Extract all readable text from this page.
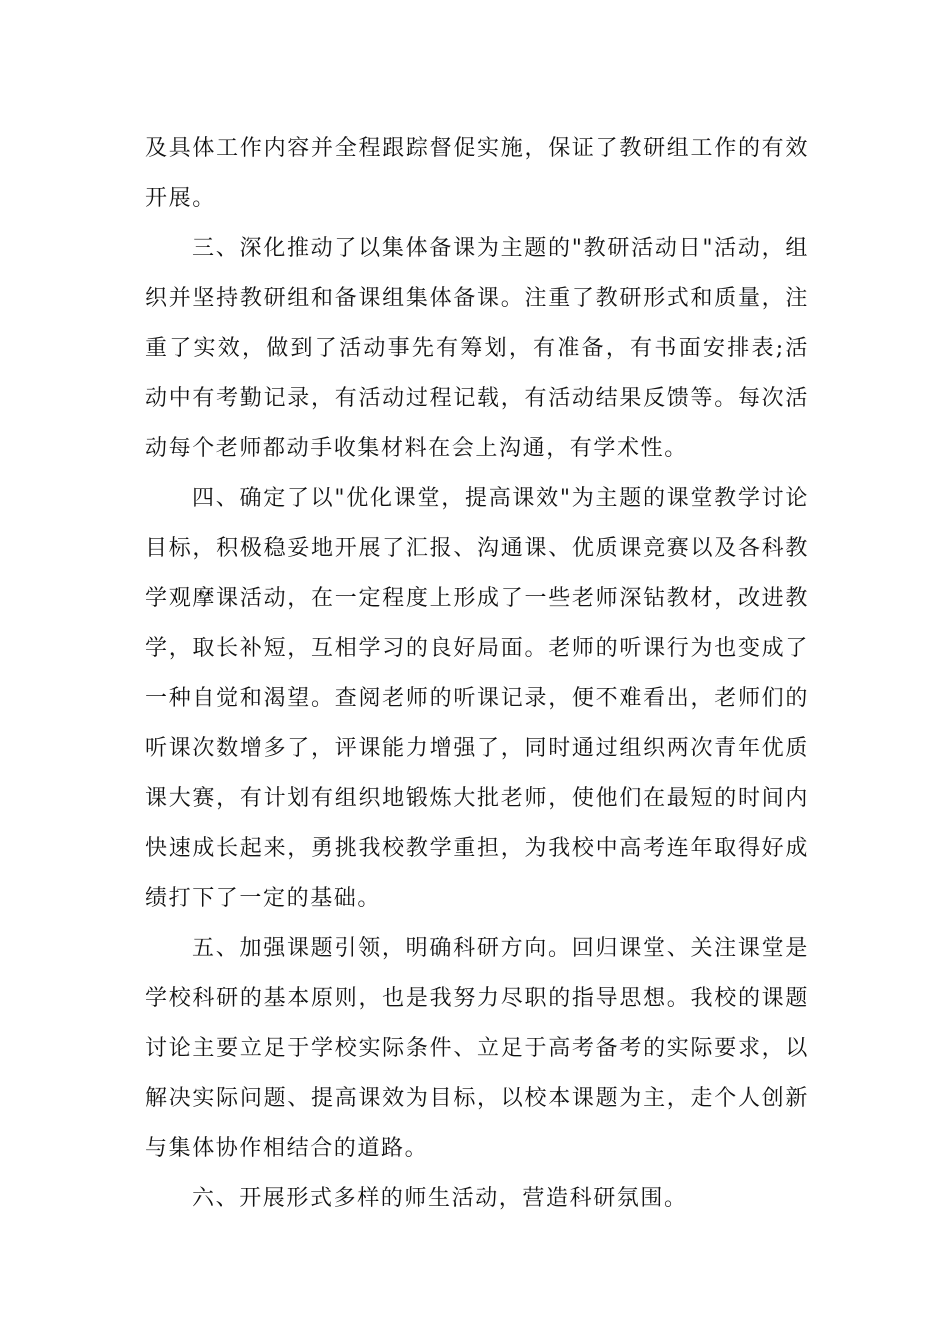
及具体工作内容并全程跟踪督促实施，保证了教研组工作的有效开展。

三、深化推动了以集体备课为主题的"教研活动日"活动，组织并坚持教研组和备课组集体备课。注重了教研形式和质量，注重了实效，做到了活动事先有筹划，有准备，有书面安排表;活动中有考勤记录，有活动过程记载，有活动结果反馈等。每次活动每个老师都动手收集材料在会上沟通，有学术性。

四、确定了以"优化课堂，提高课效"为主题的课堂教学讨论目标，积极稳妥地开展了汇报、沟通课、优质课竞赛以及各科教学观摩课活动，在一定程度上形成了一些老师深钻教材，改进教学，取长补短，互相学习的良好局面。老师的听课行为也变成了一种自觉和渴望。查阅老师的听课记录，便不难看出，老师们的听课次数增多了，评课能力增强了，同时通过组织两次青年优质课大赛，有计划有组织地锻炼大批老师，使他们在最短的时间内快速成长起来，勇挑我校教学重担，为我校中高考连年取得好成绩打下了一定的基础。

五、加强课题引领，明确科研方向。回归课堂、关注课堂是学校科研的基本原则，也是我努力尽职的指导思想。我校的课题讨论主要立足于学校实际条件、立足于高考备考的实际要求，以解决实际问题、提高课效为目标，以校本课题为主，走个人创新与集体协作相结合的道路。

六、开展形式多样的师生活动，营造科研氛围。
